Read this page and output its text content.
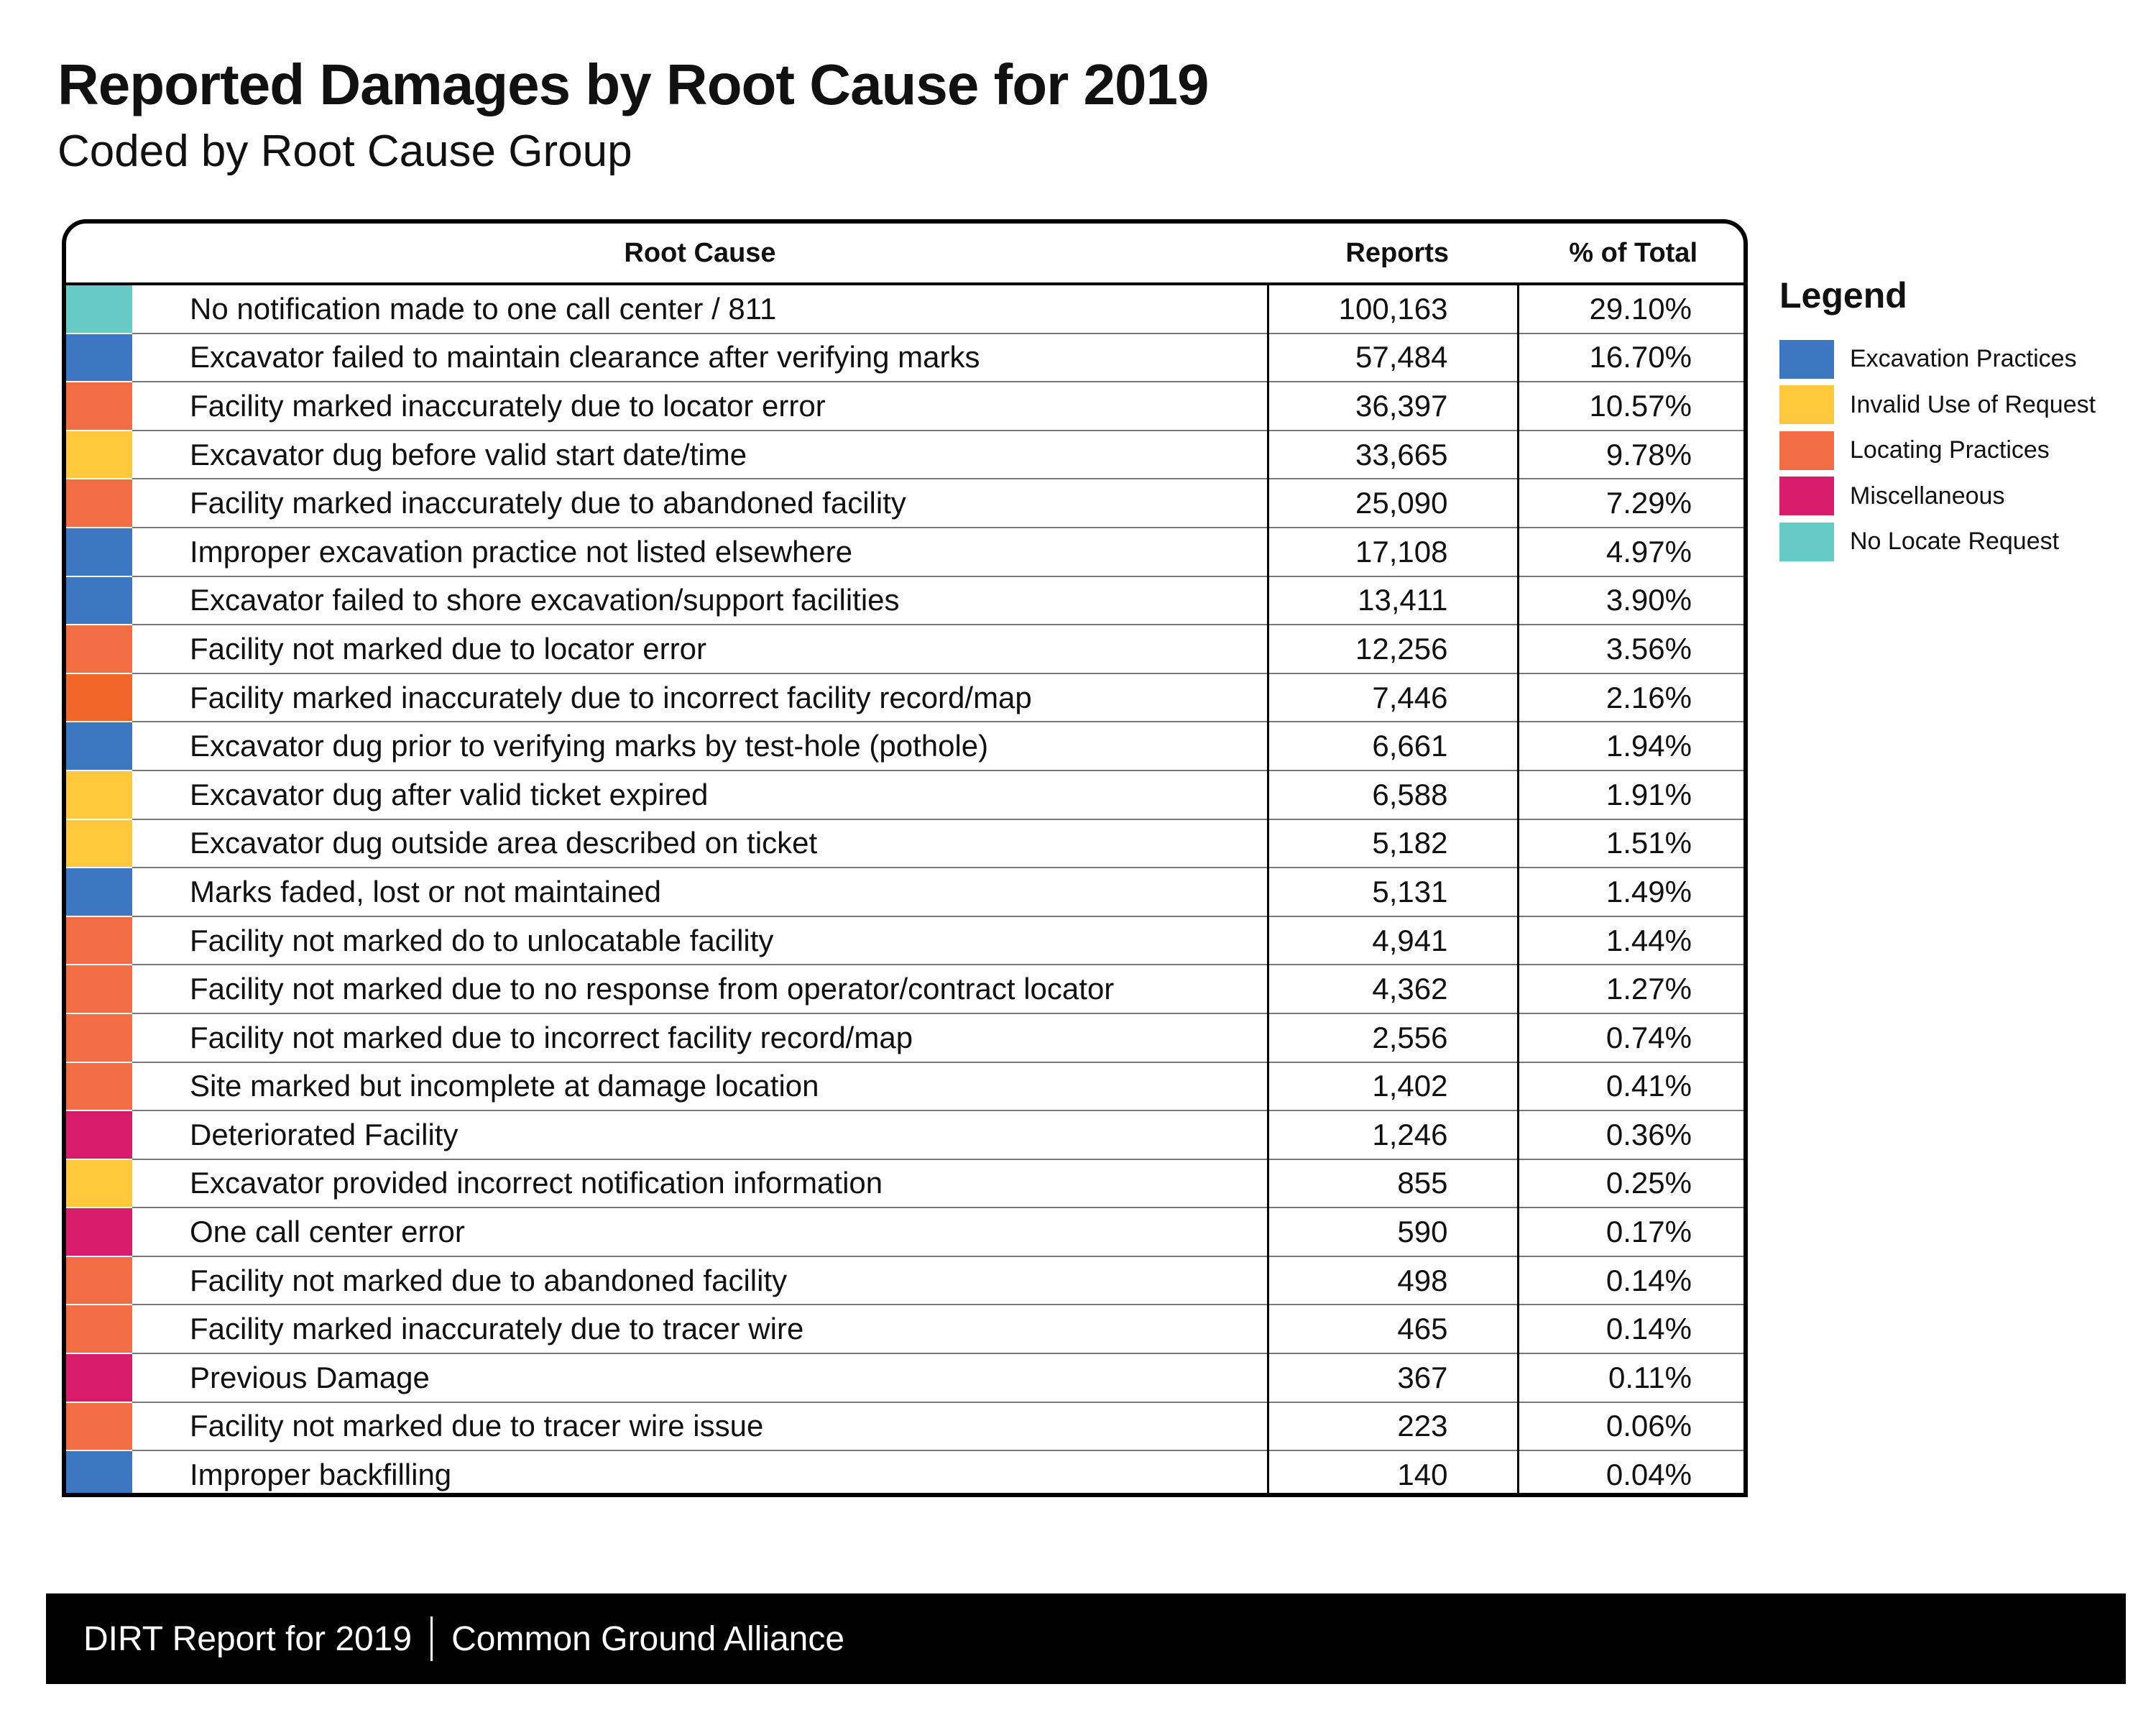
Reported Damages by Root Cause for 2019
Coded by Root Cause Group
	Root Cause	Reports	% of Total
	No notification made to one call center / 811	100,163	29.10%
	Excavator failed to maintain clearance after verifying marks	57,484	16.70%
	Facility marked inaccurately due to locator error	36,397	10.57%
	Excavator dug before valid start date/time	33,665	9.78%
	Facility marked inaccurately due to abandoned facility	25,090	7.29%
	Improper excavation practice not listed elsewhere	17,108	4.97%
	Excavator failed to shore excavation/support facilities	13,411	3.90%
	Facility not marked due to locator error	12,256	3.56%
	Facility marked inaccurately due to incorrect facility record/map	7,446	2.16%
	Excavator dug prior to verifying marks by test-hole (pothole)	6,661	1.94%
	Excavator dug after valid ticket expired	6,588	1.91%
	Excavator dug outside area described on ticket	5,182	1.51%
	Marks faded, lost or not maintained	5,131	1.49%
	Facility not marked do to unlocatable facility	4,941	1.44%
	Facility not marked due to no response from operator/contract locator	4,362	1.27%
	Facility not marked due to incorrect facility record/map	2,556	0.74%
	Site marked but incomplete at damage location	1,402	0.41%
	Deteriorated Facility	1,246	0.36%
	Excavator provided incorrect notification information	855	0.25%
	One call center error	590	0.17%
	Facility not marked due to abandoned facility	498	0.14%
	Facility marked inaccurately due to tracer wire	465	0.14%
	Previous Damage	367	0.11%
	Facility not marked due to tracer wire issue	223	0.06%
	Improper backfilling	140	0.04%
Legend
Excavation Practices
Invalid Use of Request
Locating Practices
Miscellaneous
No Locate Request
DIRT Report for 2019 Common Ground Alliance
